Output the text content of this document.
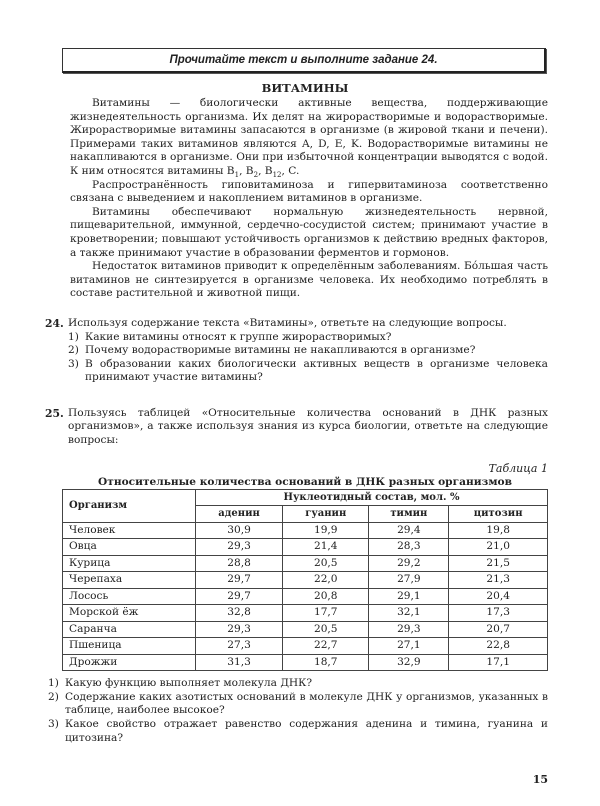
Прочитайте текст и выполните задание 24.
ВИТАМИНЫ

Витамины — биологически активные вещества, поддерживающие жизнедеятельность организма. Их делят на жирорастворимые и водорастворимые. Жирорастворимые витамины запасаются в организме (в жировой ткани и печени). Примерами таких витаминов являются A, D, E, K. Водорастворимые витамины не накапливаются в организме. Они при избыточной концентрации выводятся с водой. К ним относятся витамины $B_1$, $B_2$, $B_{12}$, C.

Распространённость гиповитаминоза и гипервитаминоза соответственно связана с выведением и накоплением витаминов в организме.

Витамины обеспечивают нормальную жизнедеятельность нервной, пищеварительной, иммунной, сердечно-сосудистой систем; принимают участие в кроветворении; повышают устойчивость организмов к действию вредных факторов, а также принимают участие в образовании ферментов и гормонов.

Недостаток витаминов приводит к определённым заболеваниям. Бóльшая часть витаминов не синтезируется в организме человека. Их необходимо потреблять в составе растительной и животной пищи.

24. Используя содержание текста «Витамины», ответьте на следующие вопросы.
1) Какие витамины относят к группе жирорастворимых?
2) Почему водорастворимые витамины не накапливаются в организме?
3) В образовании каких биологически активных веществ в организме человека принимают участие витамины?
25. Пользуясь таблицей «Относительные количества оснований в ДНК разных организмов», а также используя знания из курса биологии, ответьте на следующие вопросы:
Таблица 1
Относительные количества оснований в ДНК разных организмов
Организм	Нуклеотидный состав, мол. %			
	аденин	гуанин	тимин	цитозин
Человек	30,9	19,9	29,4	19,8
Овца	29,3	21,4	28,3	21,0
Курица	28,8	20,5	29,2	21,5
Черепаха	29,7	22,0	27,9	21,3
Лосось	29,7	20,8	29,1	20,4
Морской ёж	32,8	17,7	32,1	17,3
Саранча	29,3	20,5	29,3	20,7
Пшеница	27,3	22,7	27,1	22,8
Дрожжи	31,3	18,7	32,9	17,1
1) Какую функцию выполняет молекула ДНК?
2) Содержание каких азотистых оснований в молекуле ДНК у организмов, указанных в таблице, наиболее высокое?
3) Какое свойство отражает равенство содержания аденина и тимина, гуанина и цитозина?
15
